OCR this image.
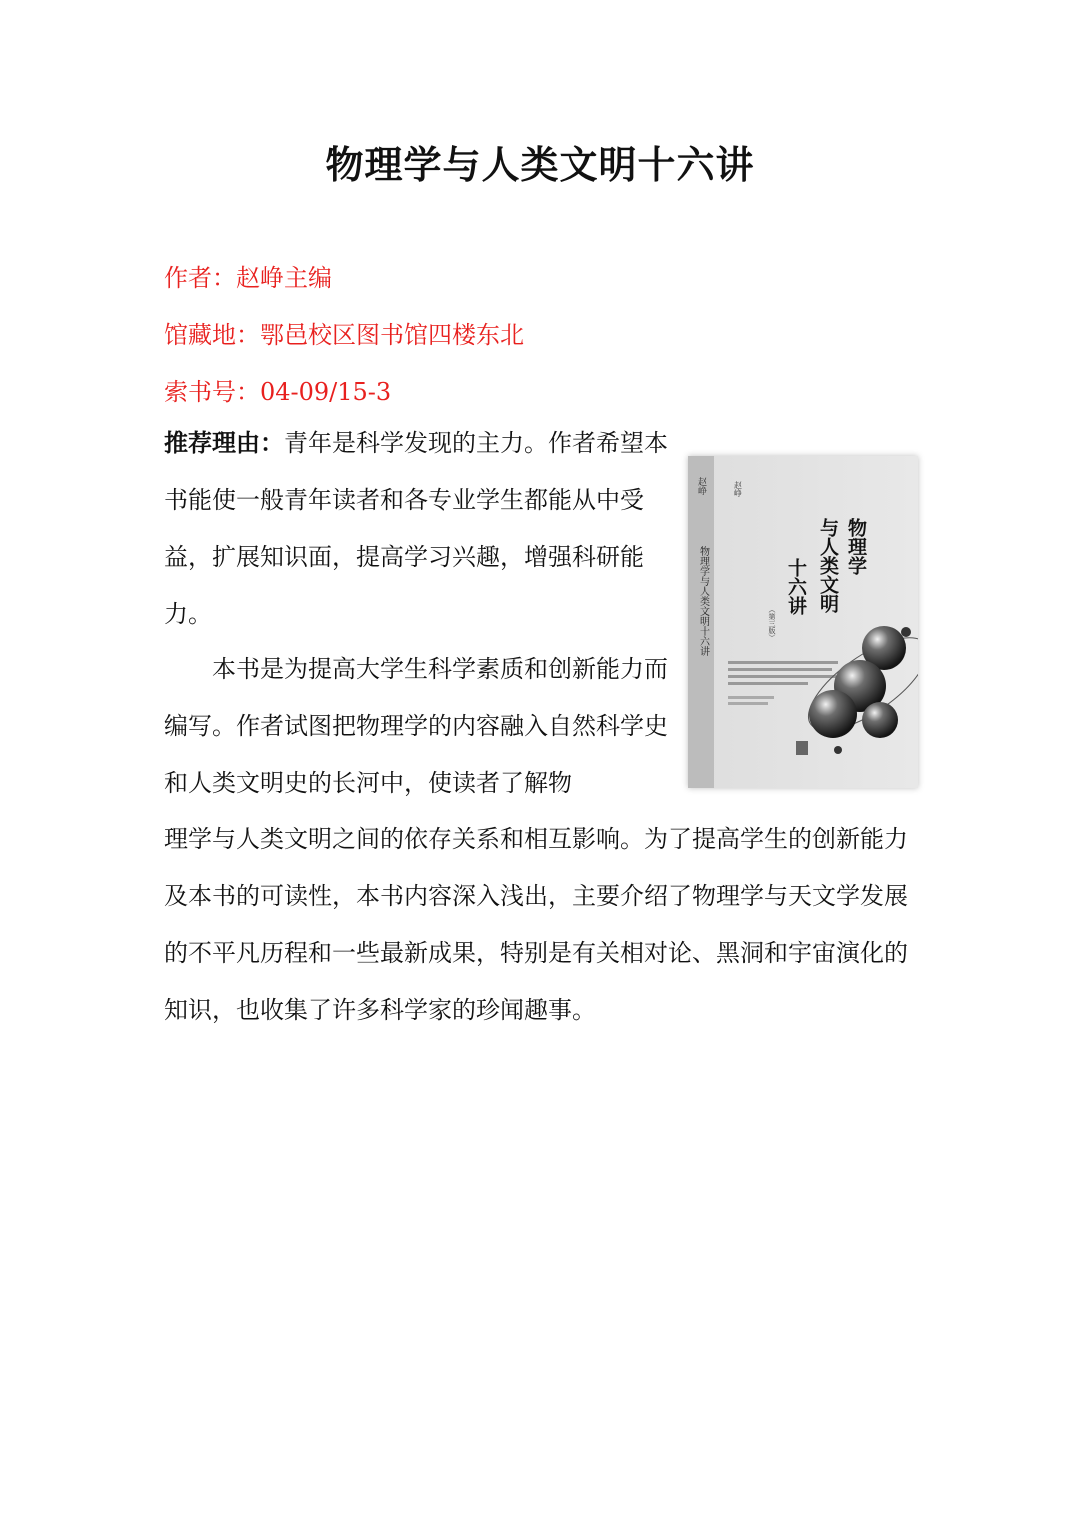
物理学与人类文明十六讲

作者：赵峥主编

馆藏地：鄂邑校区图书馆四楼东北

索书号：04-09/15-3

推荐理由：青年是科学发现的主力。作者希望本书能使一般青年读者和各专业学生都能从中受益，扩展知识面，提高学习兴趣，增强科研能力。
本书是为提高大学生科学素质和创新能力而编写。作者试图把物理学的内容融入自然科学史和人类文明史的长河中，使读者了解物
理学与人类文明之间的依存关系和相互影响。为了提高学生的创新能力及本书的可读性，本书内容深入浅出，主要介绍了物理学与天文学发展的不平凡历程和一些最新成果，特别是有关相对论、黑洞和宇宙演化的知识，也收集了许多科学家的珍闻趣事。
赵峥
物理学与人类文明十六讲
赵峥
物理学
与人类文明
十六讲
（第三版）
